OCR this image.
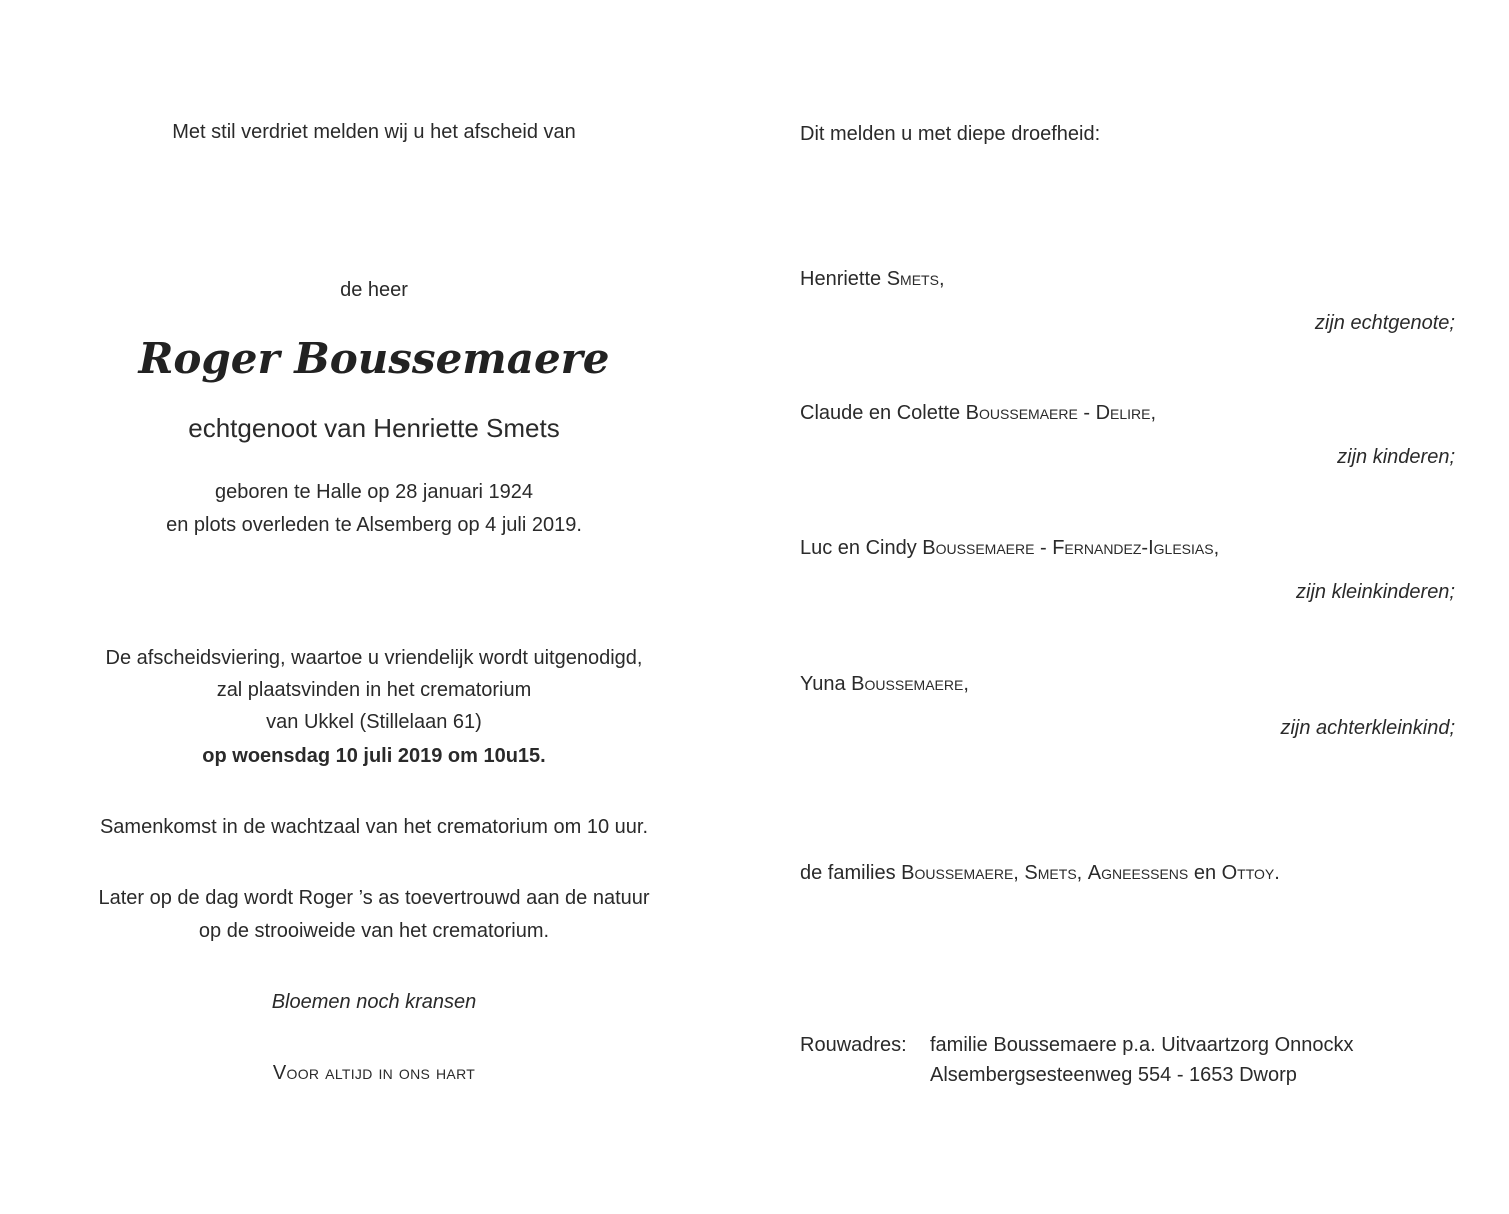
Met stil verdriet melden wij u het afscheid van

de heer

Roger Boussemaere

echtgenoot van Henriette Smets

geboren te Halle op 28 januari 1924

en plots overleden te Alsemberg op 4 juli 2019.

De afscheidsviering, waartoe u vriendelijk wordt uitgenodigd,

zal plaatsvinden in het crematorium

van Ukkel (Stillelaan 61)

op woensdag 10 juli 2019 om 10u15.

Samenkomst in de wachtzaal van het crematorium om 10 uur.

Later op de dag wordt Roger ’s as toevertrouwd aan de natuur

op de strooiweide van het crematorium.

Bloemen noch kransen

Voor altijd in ons hart

Dit melden u met diepe droefheid:

Henriette Smets,

zijn echtgenote;

Claude en Colette Boussemaere - Delire,

zijn kinderen;

Luc en Cindy Boussemaere - Fernandez-Iglesias,

zijn kleinkinderen;

Yuna Boussemaere,

zijn achterkleinkind;

de families Boussemaere, Smets, Agneessens en Ottoy.

Rouwadres: familie Boussemaere p.a. Uitvaartzorg Onnockx

Alsembergsesteenweg 554 - 1653 Dworp
